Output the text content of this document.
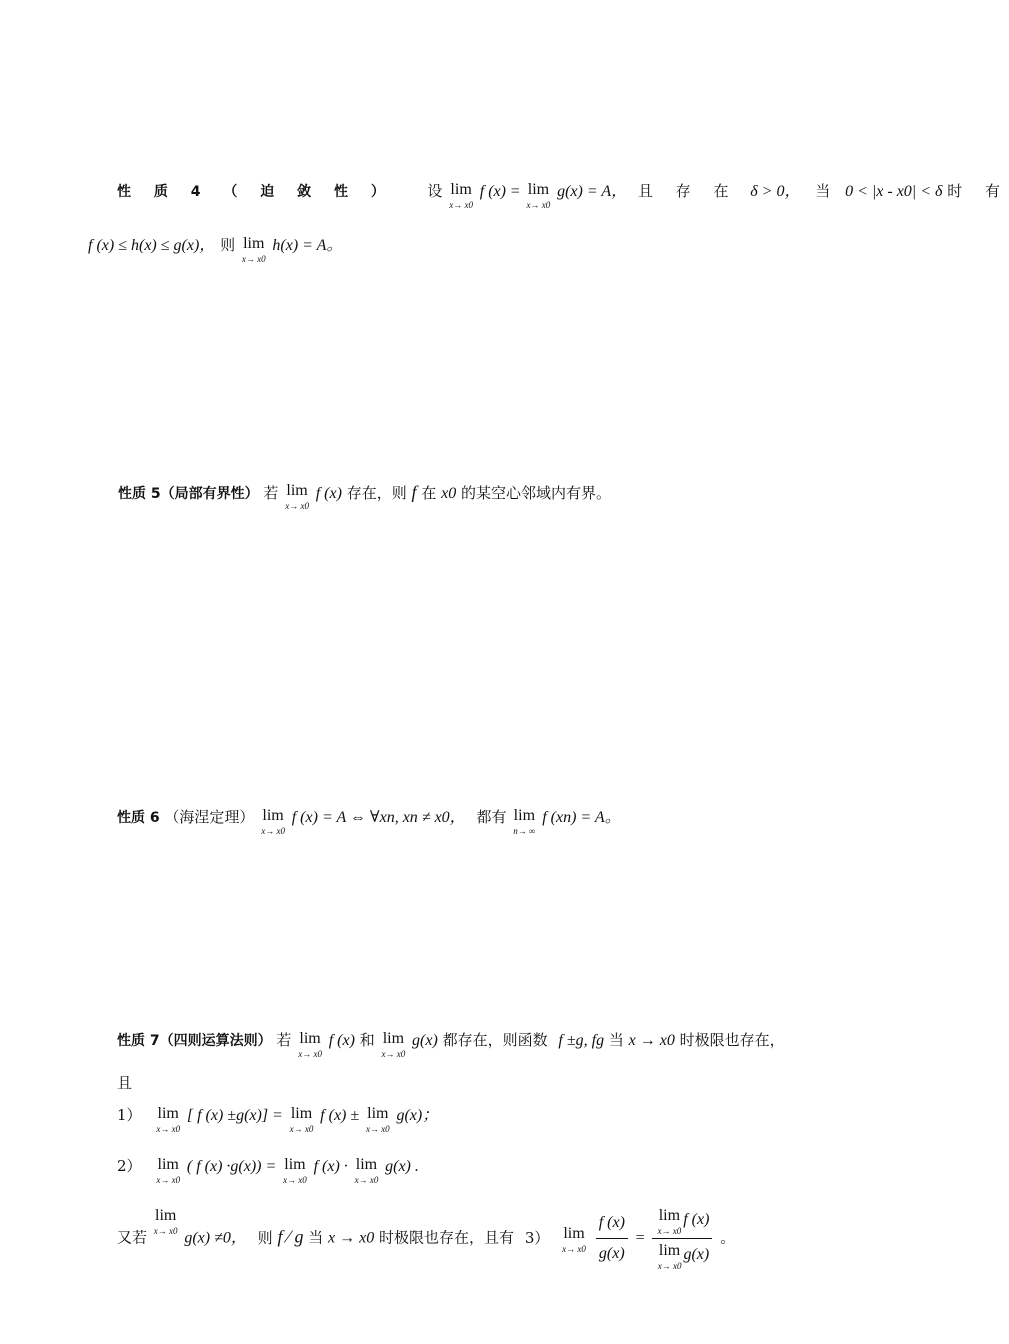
性 质 4 （ 迫 敛 性 ） 设 lim
x→ x0
f (x) = lim
x→ x0
g(x) = A， 且 存 在 δ > 0， 当 0 < |x - x0| < δ 时 有
f (x) ≤ h(x) ≤ g(x)， 则 lim
x→ x0
h(x) = A。
性质 5（局部有界性） 若 lim
x→ x0
f (x) 存在，则 f 在 x0 的某空心邻域内有界。
性质 6 （海涅定理） lim
x→ x0
f (x) = A ⇔ ∀xn, xn ≠ x0， 都有 lim
n→ ∞
f (xn) = A。
性质 7（四则运算法则） 若 lim
x→ x0
f (x) 和 lim
x→ x0
g(x) 都存在，则函数 f ±g, fg 当 x → x0 时极限也存在，
且
1） lim
x→ x0
[ f (x) ±g(x)] = lim
x→ x0
f (x) ± lim
x→ x0
g(x)；
2） lim
x→ x0
( f (x) ·g(x)) = lim
x→ x0
f (x) · lim
x→ x0
g(x) .
又若
lim
x→ x0 g(x) ≠0， 则 f ⁄ g 当 x → x0 时极限也存在，且有 3） lim
x→ x0
$\frac{f (x)}{g(x)} = \lim$
x→ x0
f (x)
lim
x→ x0
g(x) 。
